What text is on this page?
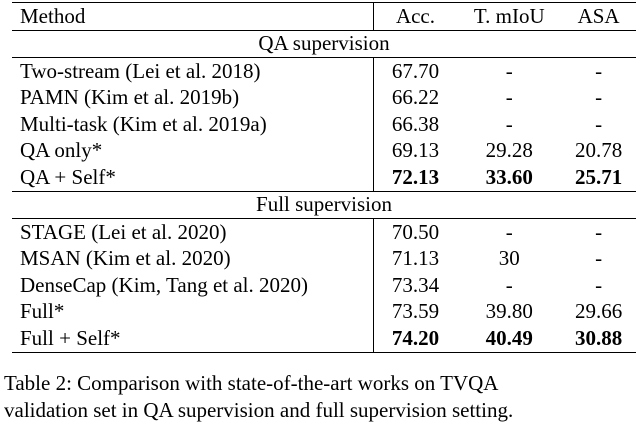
Method	Acc.	T. mIoU	ASA
QA supervision			
Two-stream (Lei et al. 2018)	67.70	-	-
PAMN (Kim et al. 2019b)	66.22	-	-
Multi-task (Kim et al. 2019a)	66.38	-	-
QA only*	69.13	29.28	20.78
QA + Self*	72.13	33.60	25.71
Full supervision			
STAGE (Lei et al. 2020)	70.50	-	-
MSAN (Kim et al. 2020)	71.13	30	-
DenseCap (Kim, Tang et al. 2020)	73.34	-	-
Full*	73.59	39.80	29.66
Full + Self*	74.20	40.49	30.88
Table 2: Comparison with state-of-the-art works on TVQA
validation set in QA supervision and full supervision setting.
